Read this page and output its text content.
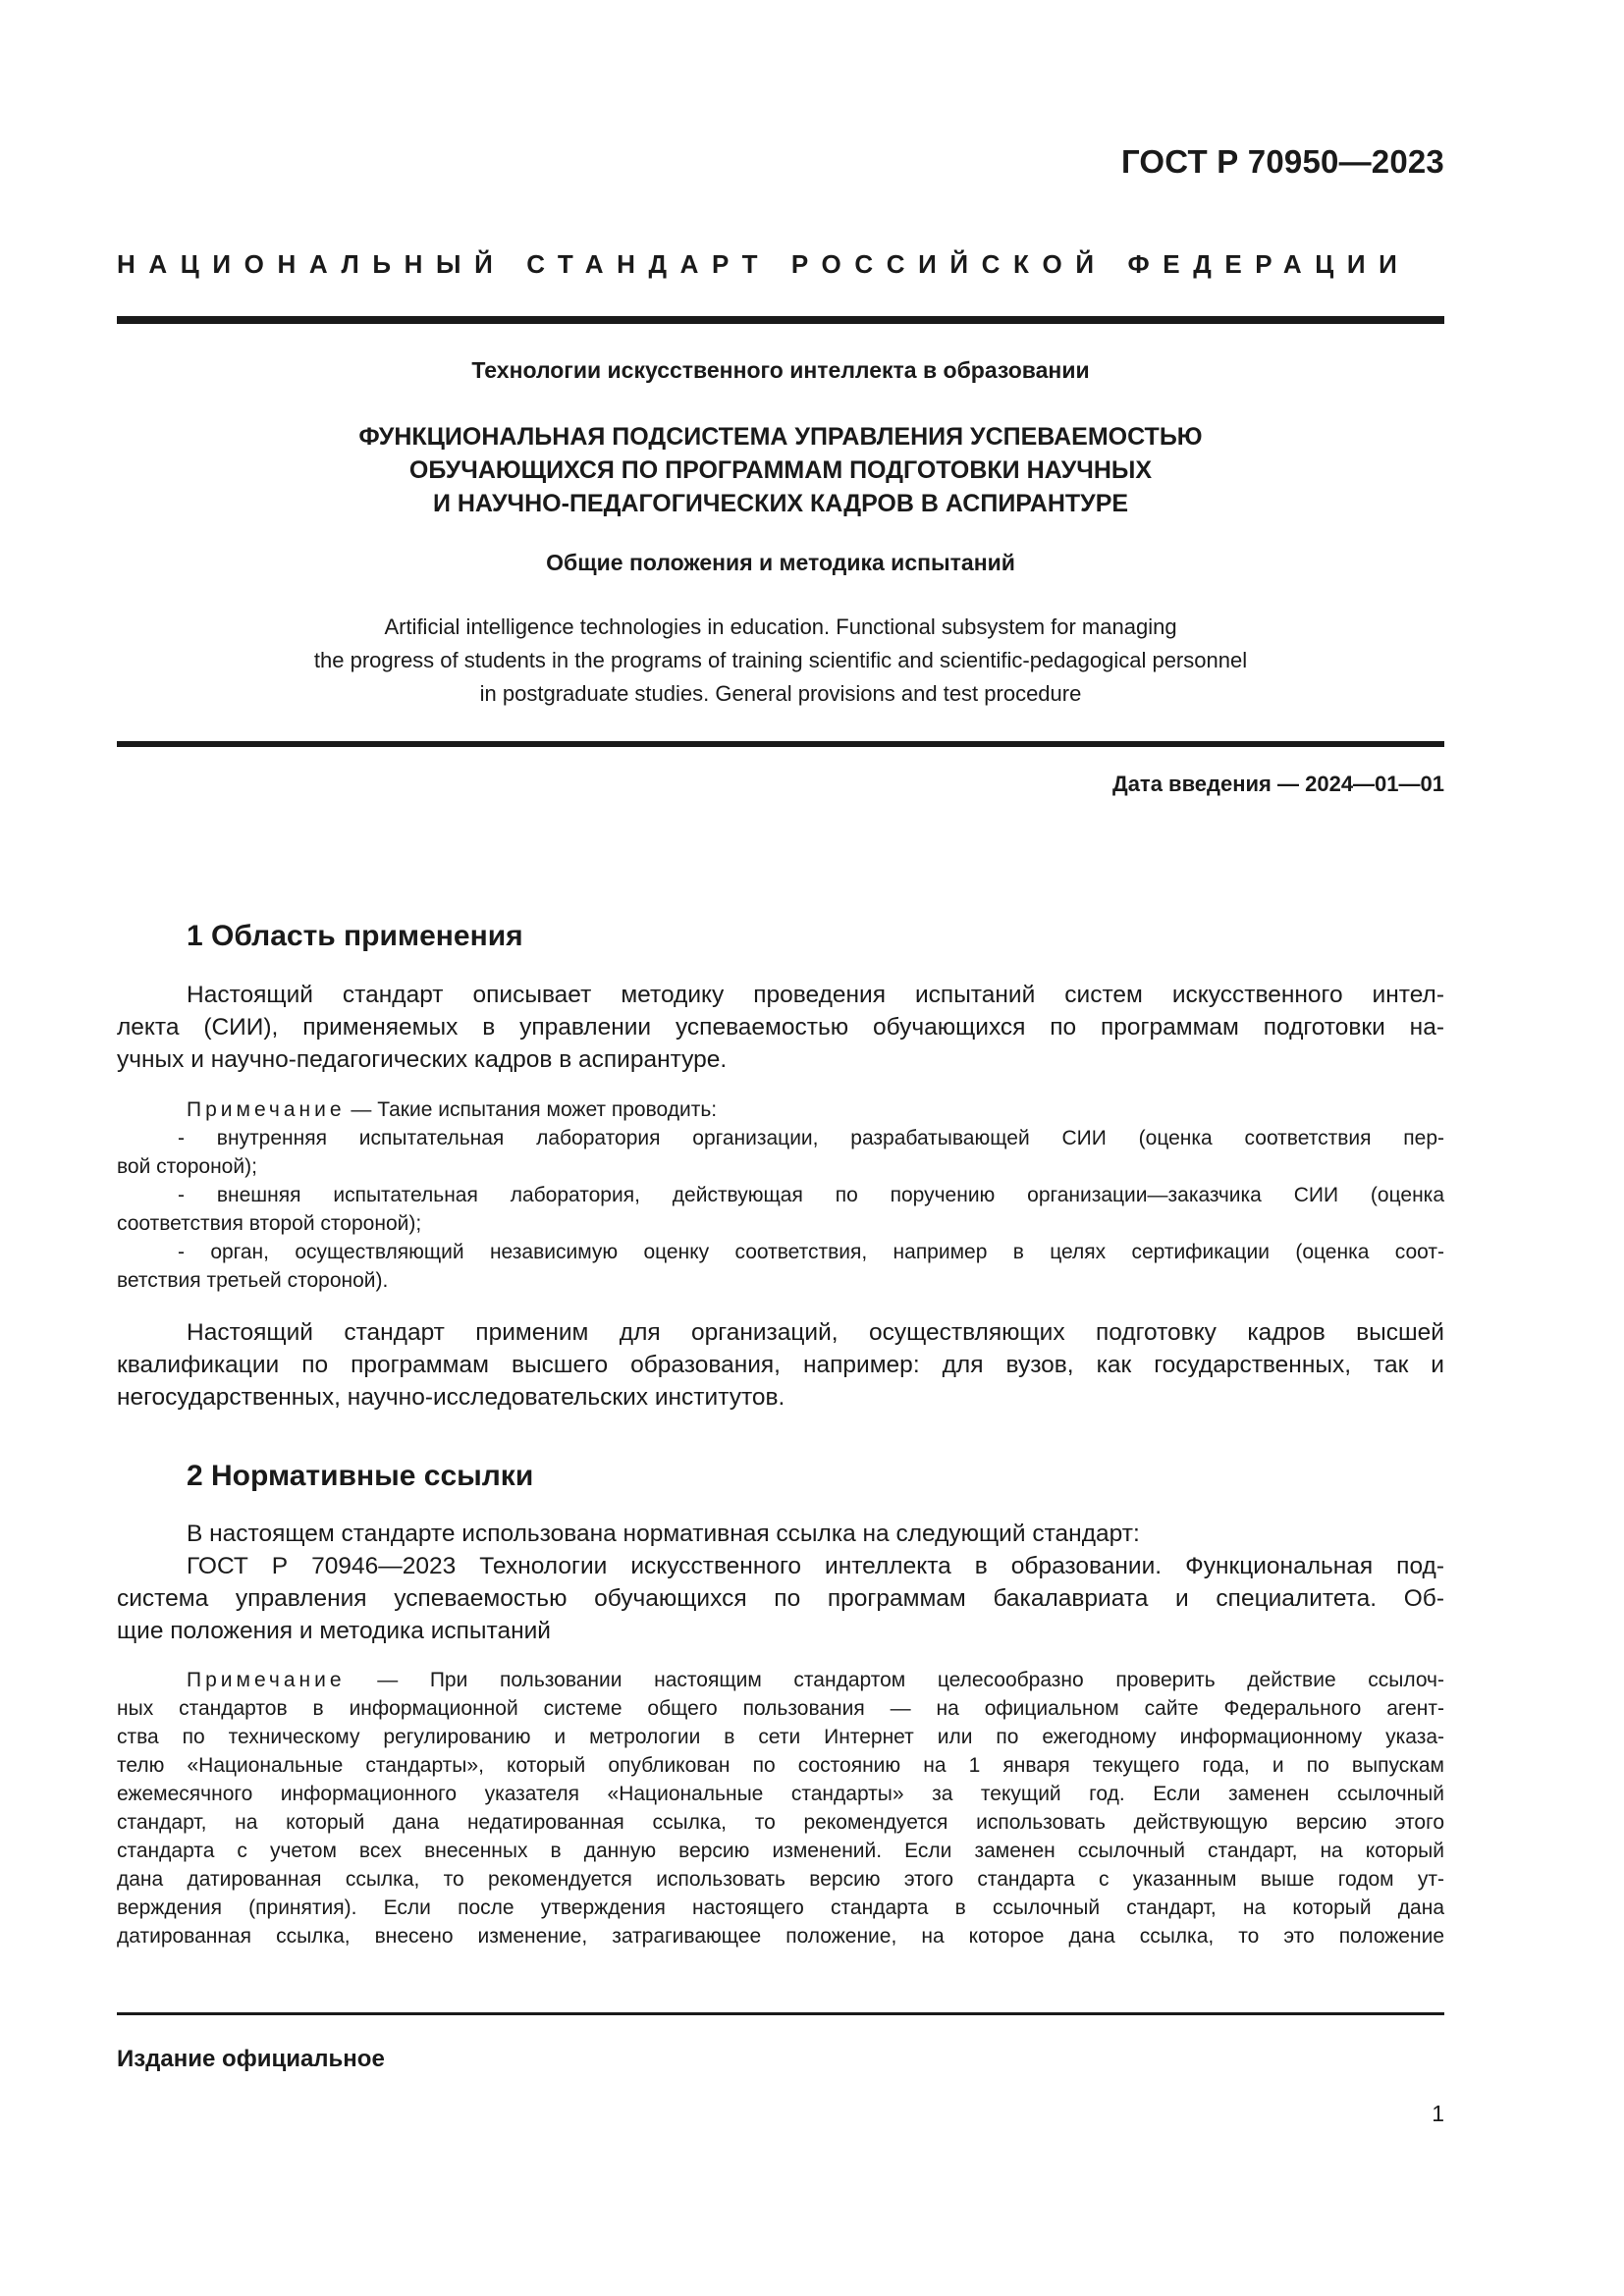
ГОСТ Р 70950—2023
НАЦИОНАЛЬНЫЙ СТАНДАРТ РОССИЙСКОЙ ФЕДЕРАЦИИ
Технологии искусственного интеллекта в образовании
ФУНКЦИОНАЛЬНАЯ ПОДСИСТЕМА УПРАВЛЕНИЯ УСПЕВАЕМОСТЬЮ
ОБУЧАЮЩИХСЯ ПО ПРОГРАММАМ ПОДГОТОВКИ НАУЧНЫХ
И НАУЧНО-ПЕДАГОГИЧЕСКИХ КАДРОВ В АСПИРАНТУРЕ
Общие положения и методика испытаний
Artificial intelligence technologies in education. Functional subsystem for managing
the progress of students in the programs of training scientific and scientific-pedagogical personnel
in postgraduate studies. General provisions and test procedure
Дата введения — 2024—01—01
1 Область применения
Настоящий стандарт описывает методику проведения испытаний систем искусственного интел-
лекта (СИИ), применяемых в управлении успеваемостью обучающихся по программам подготовки на-
учных и научно-педагогических кадров в аспирантуре.
Примечание — Такие испытания может проводить:
- внутренняя испытательная лаборатория организации, разрабатывающей СИИ (оценка соответствия пер-
вой стороной);
- внешняя испытательная лаборатория, действующая по поручению организации—заказчика СИИ (оценка
соответствия второй стороной);
- орган, осуществляющий независимую оценку соответствия, например в целях сертификации (оценка соот-
ветствия третьей стороной).
Настоящий стандарт применим для организаций, осуществляющих подготовку кадров высшей
квалификации по программам высшего образования, например: для вузов, как государственных, так и
негосударственных, научно-исследовательских институтов.
2 Нормативные ссылки
В настоящем стандарте использована нормативная ссылка на следующий стандарт:
ГОСТ Р 70946—2023 Технологии искусственного интеллекта в образовании. Функциональная под-
система управления успеваемостью обучающихся по программам бакалавриата и специалитета. Об-
щие положения и методика испытаний
Примечание — При пользовании настоящим стандартом целесообразно проверить действие ссылоч-
ных стандартов в информационной системе общего пользования — на официальном сайте Федерального агент-
ства по техническому регулированию и метрологии в сети Интернет или по ежегодному информационному указа-
телю «Национальные стандарты», который опубликован по состоянию на 1 января текущего года, и по выпускам
ежемесячного информационного указателя «Национальные стандарты» за текущий год. Если заменен ссылочный
стандарт, на который дана недатированная ссылка, то рекомендуется использовать действующую версию этого
стандарта с учетом всех внесенных в данную версию изменений. Если заменен ссылочный стандарт, на который
дана датированная ссылка, то рекомендуется использовать версию этого стандарта с указанным выше годом ут-
верждения (принятия). Если после утверждения настоящего стандарта в ссылочный стандарт, на который дана
датированная ссылка, внесено изменение, затрагивающее положение, на которое дана ссылка, то это положение
Издание официальное
1
